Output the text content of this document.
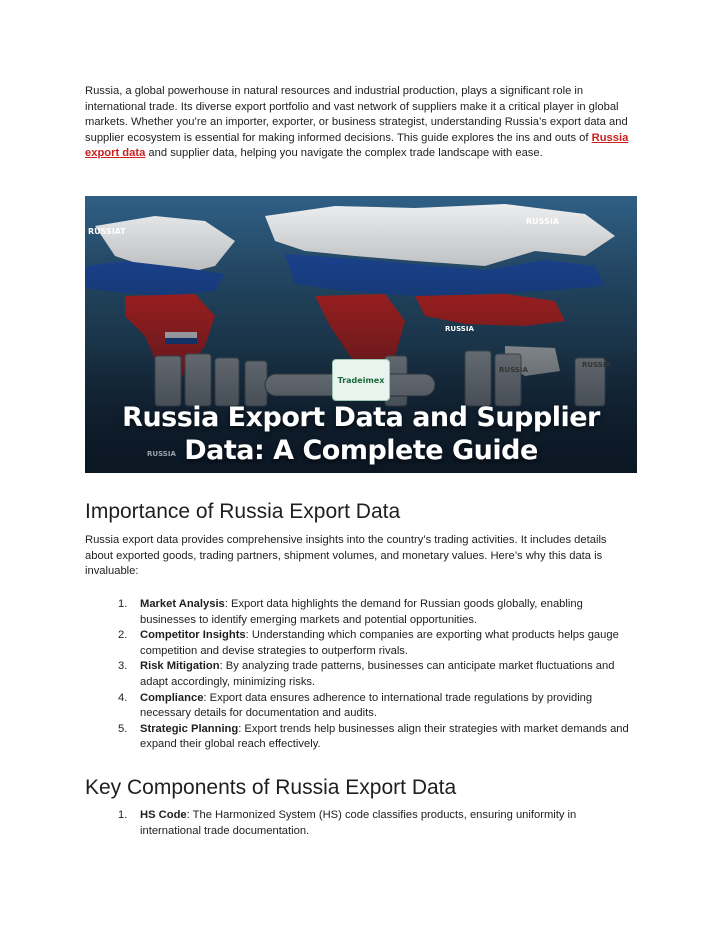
Russia, a global powerhouse in natural resources and industrial production, plays a significant role in international trade. Its diverse export portfolio and vast network of suppliers make it a critical player in global markets. Whether you’re an importer, exporter, or business strategist, understanding Russia’s export data and supplier ecosystem is essential for making informed decisions. This guide explores the ins and outs of Russia export data and supplier data, helping you navigate the complex trade landscape with ease.

RUSSIAT
RUSSIA
RUSSIA
RUSSIA
RUSSIA
RUSSIA
Tradeimex
Russia Export Data and Supplier
Data: A Complete Guide
Importance of Russia Export Data

Russia export data provides comprehensive insights into the country’s trading activities. It includes details about exported goods, trading partners, shipment volumes, and monetary values. Here’s why this data is invaluable:

1. Market Analysis: Export data highlights the demand for Russian goods globally, enabling businesses to identify emerging markets and potential opportunities.
2. Competitor Insights: Understanding which companies are exporting what products helps gauge competition and devise strategies to outperform rivals.
3. Risk Mitigation: By analyzing trade patterns, businesses can anticipate market fluctuations and adapt accordingly, minimizing risks.
4. Compliance: Export data ensures adherence to international trade regulations by providing necessary details for documentation and audits.
5. Strategic Planning: Export trends help businesses align their strategies with market demands and expand their global reach effectively.
Key Components of Russia Export Data
1. HS Code: The Harmonized System (HS) code classifies products, ensuring uniformity in international trade documentation.
